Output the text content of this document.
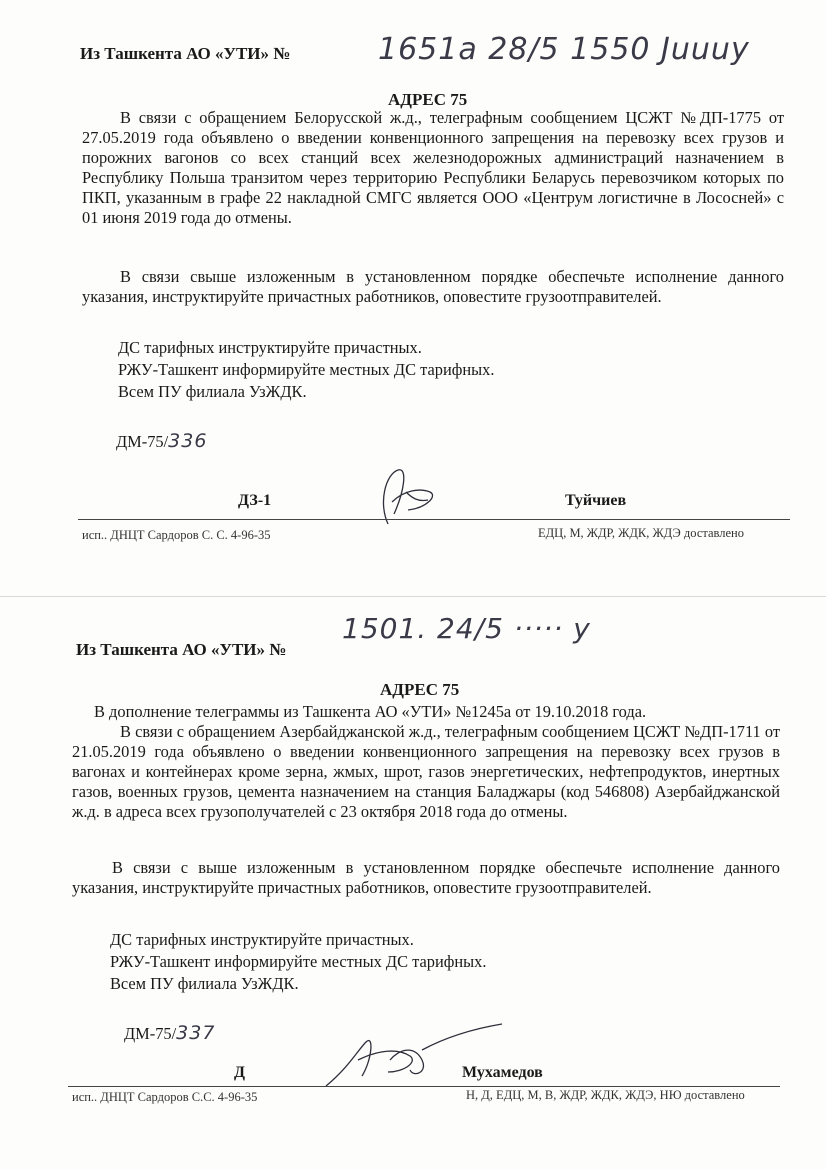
Из Ташкента АО «УТИ» №	1651а 28/5 1550 Juuuy
АДРЕС 75
В связи с обращением Белорусской ж.д., телеграфным сообщением ЦСЖТ №ДП-1775 от 27.05.2019 года объявлено о введении конвенционного запрещения на перевозку всех грузов и порожних вагонов со всех станций всех железнодорожных администраций назначением в Республику Польша транзитом через территорию Республики Беларусь перевозчиком которых по ПКП, указанным в графе 22 накладной СМГС является ООО «Центрум логистичне в Лососней» с 01 июня 2019 года до отмены.
В связи свыше изложенным в установленном порядке обеспечьте исполнение данного указания, инструктируйте причастных работников, оповестите грузоотправителей.
ДС тарифных инструктируйте причастных.
РЖУ-Ташкент информируйте местных ДС тарифных.
Всем ПУ филиала УзЖДК.
ДМ-75/336
ДЗ-1	Туйчиев
исп.. ДНЦТ Сардоров С. С. 4-96-35	ЕДЦ, М, ЖДР, ЖДК, ЖДЭ доставлено
Из Ташкента АО «УТИ» №
1501. 24/5 ····· y
АДРЕС 75
В дополнение телеграммы из Ташкента АО «УТИ» №1245а от 19.10.2018 года.
В связи с обращением Азербайджанской ж.д., телеграфным сообщением ЦСЖТ №ДП-1711 от 21.05.2019 года объявлено о введении конвенционного запрещения на перевозку всех грузов в вагонах и контейнерах кроме зерна, жмых, шрот, газов энергетических, нефтепродуктов, инертных газов, военных грузов, цемента назначением на станция Баладжары (код 546808) Азербайджанской ж.д. в адреса всех грузополучателей с 23 октября 2018 года до отмены.
В связи с выше изложенным в установленном порядке обеспечьте исполнение данного указания, инструктируйте причастных работников, оповестите грузоотправителей.
ДС тарифных инструктируйте причастных.
РЖУ-Ташкент информируйте местных ДС тарифных.
Всем ПУ филиала УзЖДК.
ДМ-75/337
Д	Мухамедов
исп.. ДНЦТ Сардоров С.С. 4-96-35	Н, Д, ЕДЦ, М, В, ЖДР, ЖДК, ЖДЭ, НЮ доставлено
